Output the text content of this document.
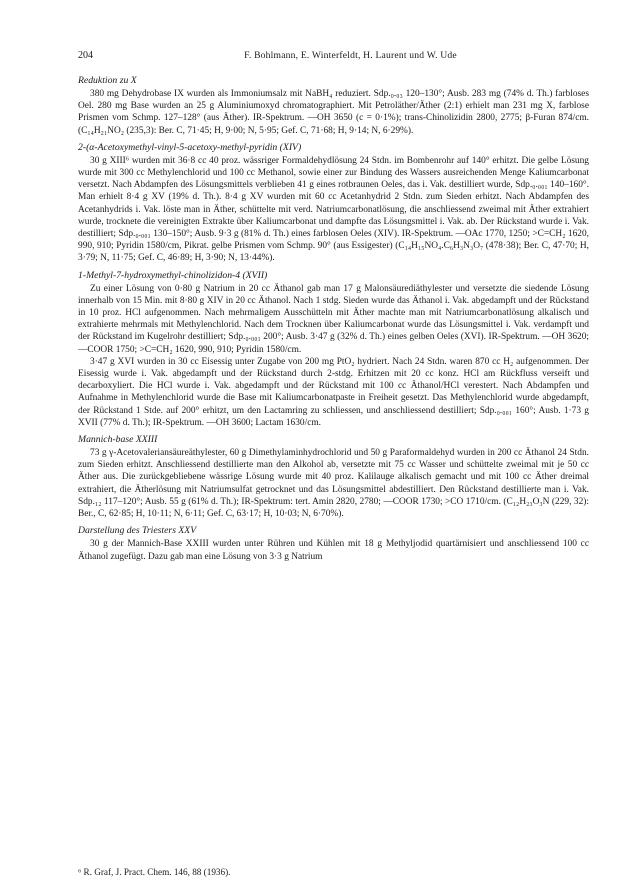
204	F. Bohlmann, E. Winterfeldt, H. Laurent und W. Ude
Reduktion zu X

380 mg Dehydrobase IX wurden als Immoniumsalz mit NaBH₄ reduziert. Sdp.₀.₀₃ 120–130°; Ausb. 283 mg (74% d. Th.) farbloses Oel. 280 mg Base wurden an 25 g Aluminiumoxyd chromatographiert. Mit Petroläther/Äther (2:1) erhielt man 231 mg X, farblose Prismen vom Schmp. 127–128° (aus Äther). IR-Spektrum. —OH 3650 (c = 0·1%); trans-Chinolizidin 2800, 2775; β-Furan 874/cm. (C₁₄H₂₁NO₂ (235,3): Ber. C, 71·45; H, 9·00; N, 5·95; Gef. C, 71·68; H, 9·14; N, 6·29%).

2-(α-Acetoxymethyl-vinyl-5-acetoxy-methyl-pyridin (XIV)

30 g XIII⁶ wurden mit 36·8 cc 40 proz. wässriger Formaldehydlösung 24 Stdn. im Bombenrohr auf 140° erhitzt. Die gelbe Lösung wurde mit 300 cc Methylenchlorid und 100 cc Methanol, sowie einer zur Bindung des Wassers ausreichenden Menge Kaliumcarbonat versetzt. Nach Abdampfen des Lösungsmittels verblieben 41 g eines rotbraunen Oeles, das i. Vak. destilliert wurde, Sdp.₀.₀₀₁ 140–160°. Man erhielt 8·4 g XV (19% d. Th.). 8·4 g XV wurden mit 60 cc Acetanhydrid 2 Stdn. zum Sieden erhitzt. Nach Abdampfen des Acetanhydrids i. Vak. löste man in Äther, schüttelte mit verd. Natriumcarbonatlösung, die anschliessend zweimal mit Äther extrahiert wurde, trocknete die vereinigten Extrakte über Kaliumcarbonat und dampfte das Lösungsmittel i. Vak. ab. Der Rückstand wurde i. Vak. destilliert; Sdp.₀.₀₀₁ 130–150°; Ausb. 9·3 g (81% d. Th.) eines farblosen Oeles (XIV). IR-Spektrum. —OAc 1770, 1250; >C=CH₂ 1620, 990, 910; Pyridin 1580/cm, Pikrat. gelbe Prismen vom Schmp. 90° (aus Essigester) (C₁₄H₁₅NO₄.C₆H₃N₃O₇ (478·38); Ber. C, 47·70; H, 3·79; N, 11·75; Gef. C, 46·89; H, 3·90; N, 13·44%).

1-Methyl-7-hydroxymethyl-chinolizidon-4 (XVII)

Zu einer Lösung von 0·80 g Natrium in 20 cc Äthanol gab man 17 g Malonsäurediäthylester und versetzte die siedende Lösung innerhalb von 15 Min. mit 8·80 g XIV in 20 cc Äthanol. Nach 1 stdg. Sieden wurde das Äthanol i. Vak. abgedampft und der Rückstand in 10 proz. HCl aufgenommen. Nach mehrmaligem Ausschütteln mit Äther machte man mit Natriumcarbonatlösung alkalisch und extrahierte mehrmals mit Methylenchlorid. Nach dem Trocknen über Kaliumcarbonat wurde das Lösungsmittel i. Vak. verdampft und der Rückstand im Kugelrohr destilliert; Sdp.₀.₀₀₁ 200°; Ausb. 3·47 g (32% d. Th.) eines gelben Oeles (XVI). IR-Spektrum. —OH 3620; —COOR 1750; >C=CH₂ 1620, 990, 910; Pyridin 1580/cm.

3·47 g XVI wurden in 30 cc Eisessig unter Zugabe von 200 mg PtO₂ hydriert. Nach 24 Stdn. waren 870 cc H₂ aufgenommen. Der Eisessig wurde i. Vak. abgedampft und der Rückstand durch 2-stdg. Erhitzen mit 20 cc konz. HCl am Rückfluss verseift und decarboxyliert. Die HCl wurde i. Vak. abgedampft und der Rückstand mit 100 cc Äthanol/HCl verestert. Nach Abdampfen und Aufnahme in Methylenchlorid wurde die Base mit Kaliumcarbonatpaste in Freiheit gesetzt. Das Methylenchlorid wurde abgedampft, der Rückstand 1 Stde. auf 200° erhitzt, um den Lactamring zu schliessen, und anschliessend destilliert; Sdp.₀.₀₀₁ 160°; Ausb. 1·73 g XVII (77% d. Th.); IR-Spektrum. —OH 3600; Lactam 1630/cm.

Mannich-base XXIII

73 g γ-Acetovaleriansäureäthylester, 60 g Dimethylaminhydrochlorid und 50 g Paraformaldehyd wurden in 200 cc Äthanol 24 Stdn. zum Sieden erhitzt. Anschliessend destillierte man den Alkohol ab, versetzte mit 75 cc Wasser und schüttelte zweimal mit je 50 cc Äther aus. Die zurückgebliebene wässrige Lösung wurde mit 40 proz. Kalilauge alkalisch gemacht und mit 100 cc Äther dreimal extrahiert, die Ätherlösung mit Natriumsulfat getrocknet und das Lösungsmittel abdestilliert. Den Rückstand destillierte man i. Vak. Sdp.₁₂ 117–120°; Ausb. 55 g (61% d. Th.); IR-Spektrum: tert. Amin 2820, 2780; —COOR 1730; >CO 1710/cm. (C₁₂H₂₃O₃N (229, 32): Ber., C, 62·85; H, 10·11; N, 6·11; Gef. C, 63·17; H, 10·03; N, 6·70%).

Darstellung des Triesters XXV

30 g der Mannich-Base XXIII wurden unter Rühren und Kühlen mit 18 g Methyljodid quartärnisiert und anschliessend 100 cc Äthanol zugefügt. Dazu gab man eine Lösung von 3·3 g Natrium

⁶ R. Graf, J. Pract. Chem. 146, 88 (1936).
